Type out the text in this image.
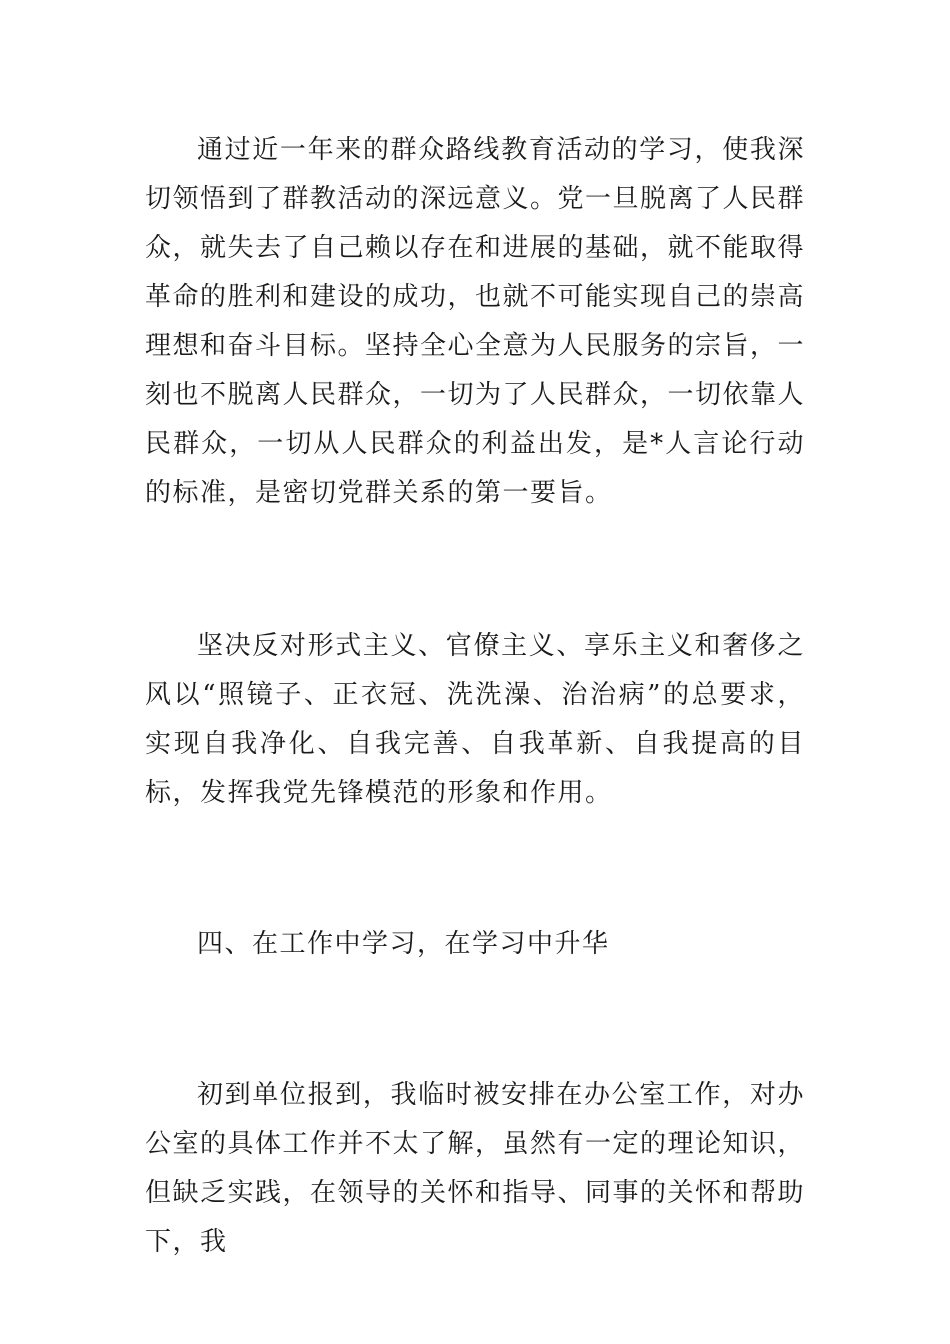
通过近一年来的群众路线教育活动的学习，使我深切领悟到了群教活动的深远意义。党一旦脱离了人民群众，就失去了自己赖以存在和进展的基础，就不能取得革命的胜利和建设的成功，也就不可能实现自己的崇高理想和奋斗目标。坚持全心全意为人民服务的宗旨，一刻也不脱离人民群众，一切为了人民群众，一切依靠人民群众，一切从人民群众的利益出发，是*人言论行动的标准，是密切党群关系的第一要旨。

坚决反对形式主义、官僚主义、享乐主义和奢侈之风以“照镜子、正衣冠、洗洗澡、治治病”的总要求，实现自我净化、自我完善、自我革新、自我提高的目标，发挥我党先锋模范的形象和作用。

四、在工作中学习，在学习中升华

初到单位报到，我临时被安排在办公室工作，对办公室的具体工作并不太了解，虽然有一定的理论知识，但缺乏实践，在领导的关怀和指导、同事的关怀和帮助下，我
